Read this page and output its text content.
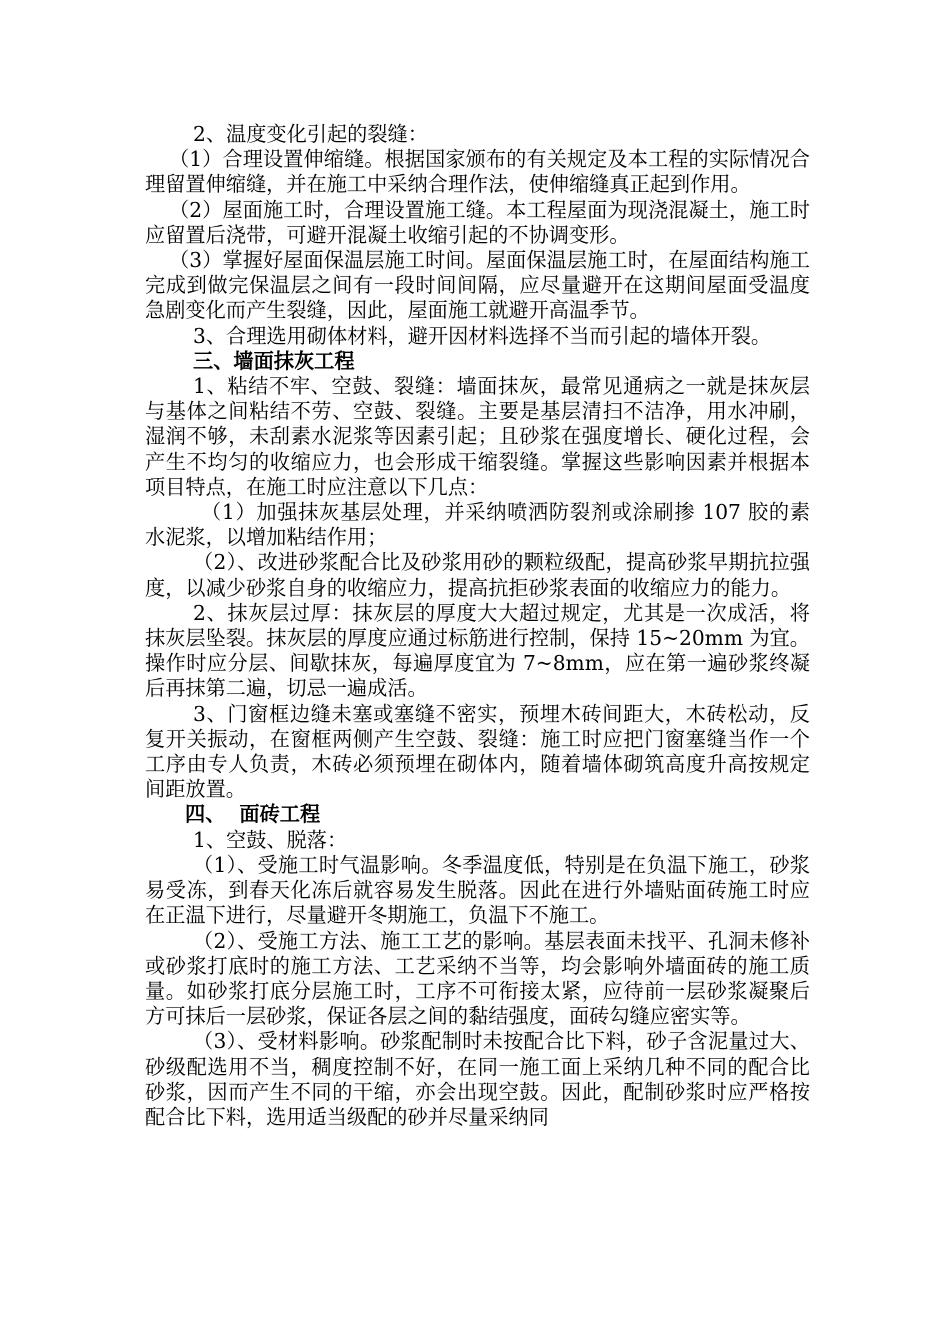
2、温度变化引起的裂缝：

（1）合理设置伸缩缝。根据国家颁布的有关规定及本工程的实际情况合理留置伸缩缝，并在施工中采纳合理作法，使伸缩缝真正起到作用。

（2）屋面施工时，合理设置施工缝。本工程屋面为现浇混凝土，施工时应留置后浇带，可避开混凝土收缩引起的不协调变形。

（3）掌握好屋面保温层施工时间。屋面保温层施工时，在屋面结构施工完成到做完保温层之间有一段时间间隔，应尽量避开在这期间屋面受温度急剧变化而产生裂缝，因此，屋面施工就避开高温季节。

3、合理选用砌体材料，避开因材料选择不当而引起的墙体开裂。

三、墙面抹灰工程

1、粘结不牢、空鼓、裂缝：墙面抹灰，最常见通病之一就是抹灰层与基体之间粘结不劳、空鼓、裂缝。主要是基层清扫不洁净，用水冲刷，湿润不够，未刮素水泥浆等因素引起；且砂浆在强度增长、硬化过程，会产生不均匀的收缩应力，也会形成干缩裂缝。掌握这些影响因素并根据本项目特点，在施工时应注意以下几点：

（1）加强抹灰基层处理，并采纳喷洒防裂剂或涂刷掺 107 胶的素水泥浆，以增加粘结作用；

（2）、改进砂浆配合比及砂浆用砂的颗粒级配，提高砂浆早期抗拉强度，以减少砂浆自身的收缩应力，提高抗拒砂浆表面的收缩应力的能力。

2、抹灰层过厚：抹灰层的厚度大大超过规定，尤其是一次成活，将抹灰层坠裂。抹灰层的厚度应通过标筋进行控制，保持 15~20mm 为宜。操作时应分层、间歇抹灰，每遍厚度宜为 7~8mm，应在第一遍砂浆终凝后再抹第二遍，切忌一遍成活。

3、门窗框边缝未塞或塞缝不密实，预埋木砖间距大，木砖松动，反复开关振动，在窗框两侧产生空鼓、裂缝：施工时应把门窗塞缝当作一个工序由专人负责，木砖必须预埋在砌体内，随着墙体砌筑高度升高按规定间距放置。

四、  面砖工程

1、空鼓、脱落：

（1）、受施工时气温影响。冬季温度低，特别是在负温下施工，砂浆易受冻，到春天化冻后就容易发生脱落。因此在进行外墙贴面砖施工时应在正温下进行，尽量避开冬期施工，负温下不施工。

（2）、受施工方法、施工工艺的影响。基层表面未找平、孔洞未修补或砂浆打底时的施工方法、工艺采纳不当等，均会影响外墙面砖的施工质量。如砂浆打底分层施工时，工序不可衔接太紧，应待前一层砂浆凝聚后方可抹后一层砂浆，保证各层之间的黏结强度，面砖勾缝应密实等。

（3）、受材料影响。砂浆配制时未按配合比下料，砂子含泥量过大、砂级配选用不当，稠度控制不好，在同一施工面上采纳几种不同的配合比砂浆，因而产生不同的干缩，亦会出现空鼓。因此，配制砂浆时应严格按配合比下料，选用适当级配的砂并尽量采纳同
